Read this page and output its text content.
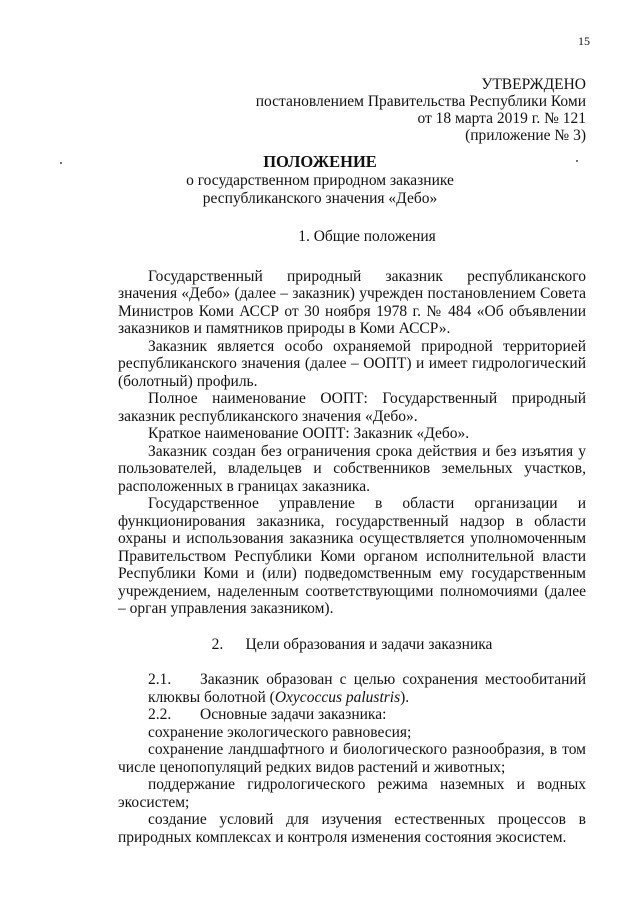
15
УТВЕРЖДЕНО
постановлением Правительства Республики Коми
от 18 марта 2019 г. № 121
(приложение № 3)
ПОЛОЖЕНИЕ
о государственном природном заказнике
республиканского значения «Дебо»
1. Общие положения

Государственный природный заказник республиканского значения «Дебо» (далее – заказник) учрежден постановлением Совета Министров Коми АССР от 30 ноября 1978 г. № 484 «Об объявлении заказников и памятников природы в Коми АССР».

Заказник является особо охраняемой природной территорией республиканского значения (далее – ООПТ) и имеет гидрологический (болотный) профиль.

Полное наименование ООПТ: Государственный природный заказник республиканского значения «Дебо».

Краткое наименование ООПТ: Заказник «Дебо».

Заказник создан без ограничения срока действия и без изъятия у пользователей, владельцев и собственников земельных участков, расположенных в границах заказника.

Государственное управление в области организации и функционирования заказника, государственный надзор в области охраны и использования заказника осуществляется уполномоченным Правительством Республики Коми органом исполнительной власти Республики Коми и (или) подведомственным ему государственным учреждением, наделенным соответствующими полномочиями (далее – орган управления заказником).

2. Цели образования и задачи заказника

2.1. Заказник образован с целью сохранения местообитаний клюквы болотной (Oxycoccus palustris).

2.2. Основные задачи заказника:

сохранение экологического равновесия;

сохранение ландшафтного и биологического разнообразия, в том числе ценопопуляций редких видов растений и животных;

поддержание гидрологического режима наземных и водных экосистем;

создание условий для изучения естественных процессов в природных комплексах и контроля изменения состояния экосистем.
